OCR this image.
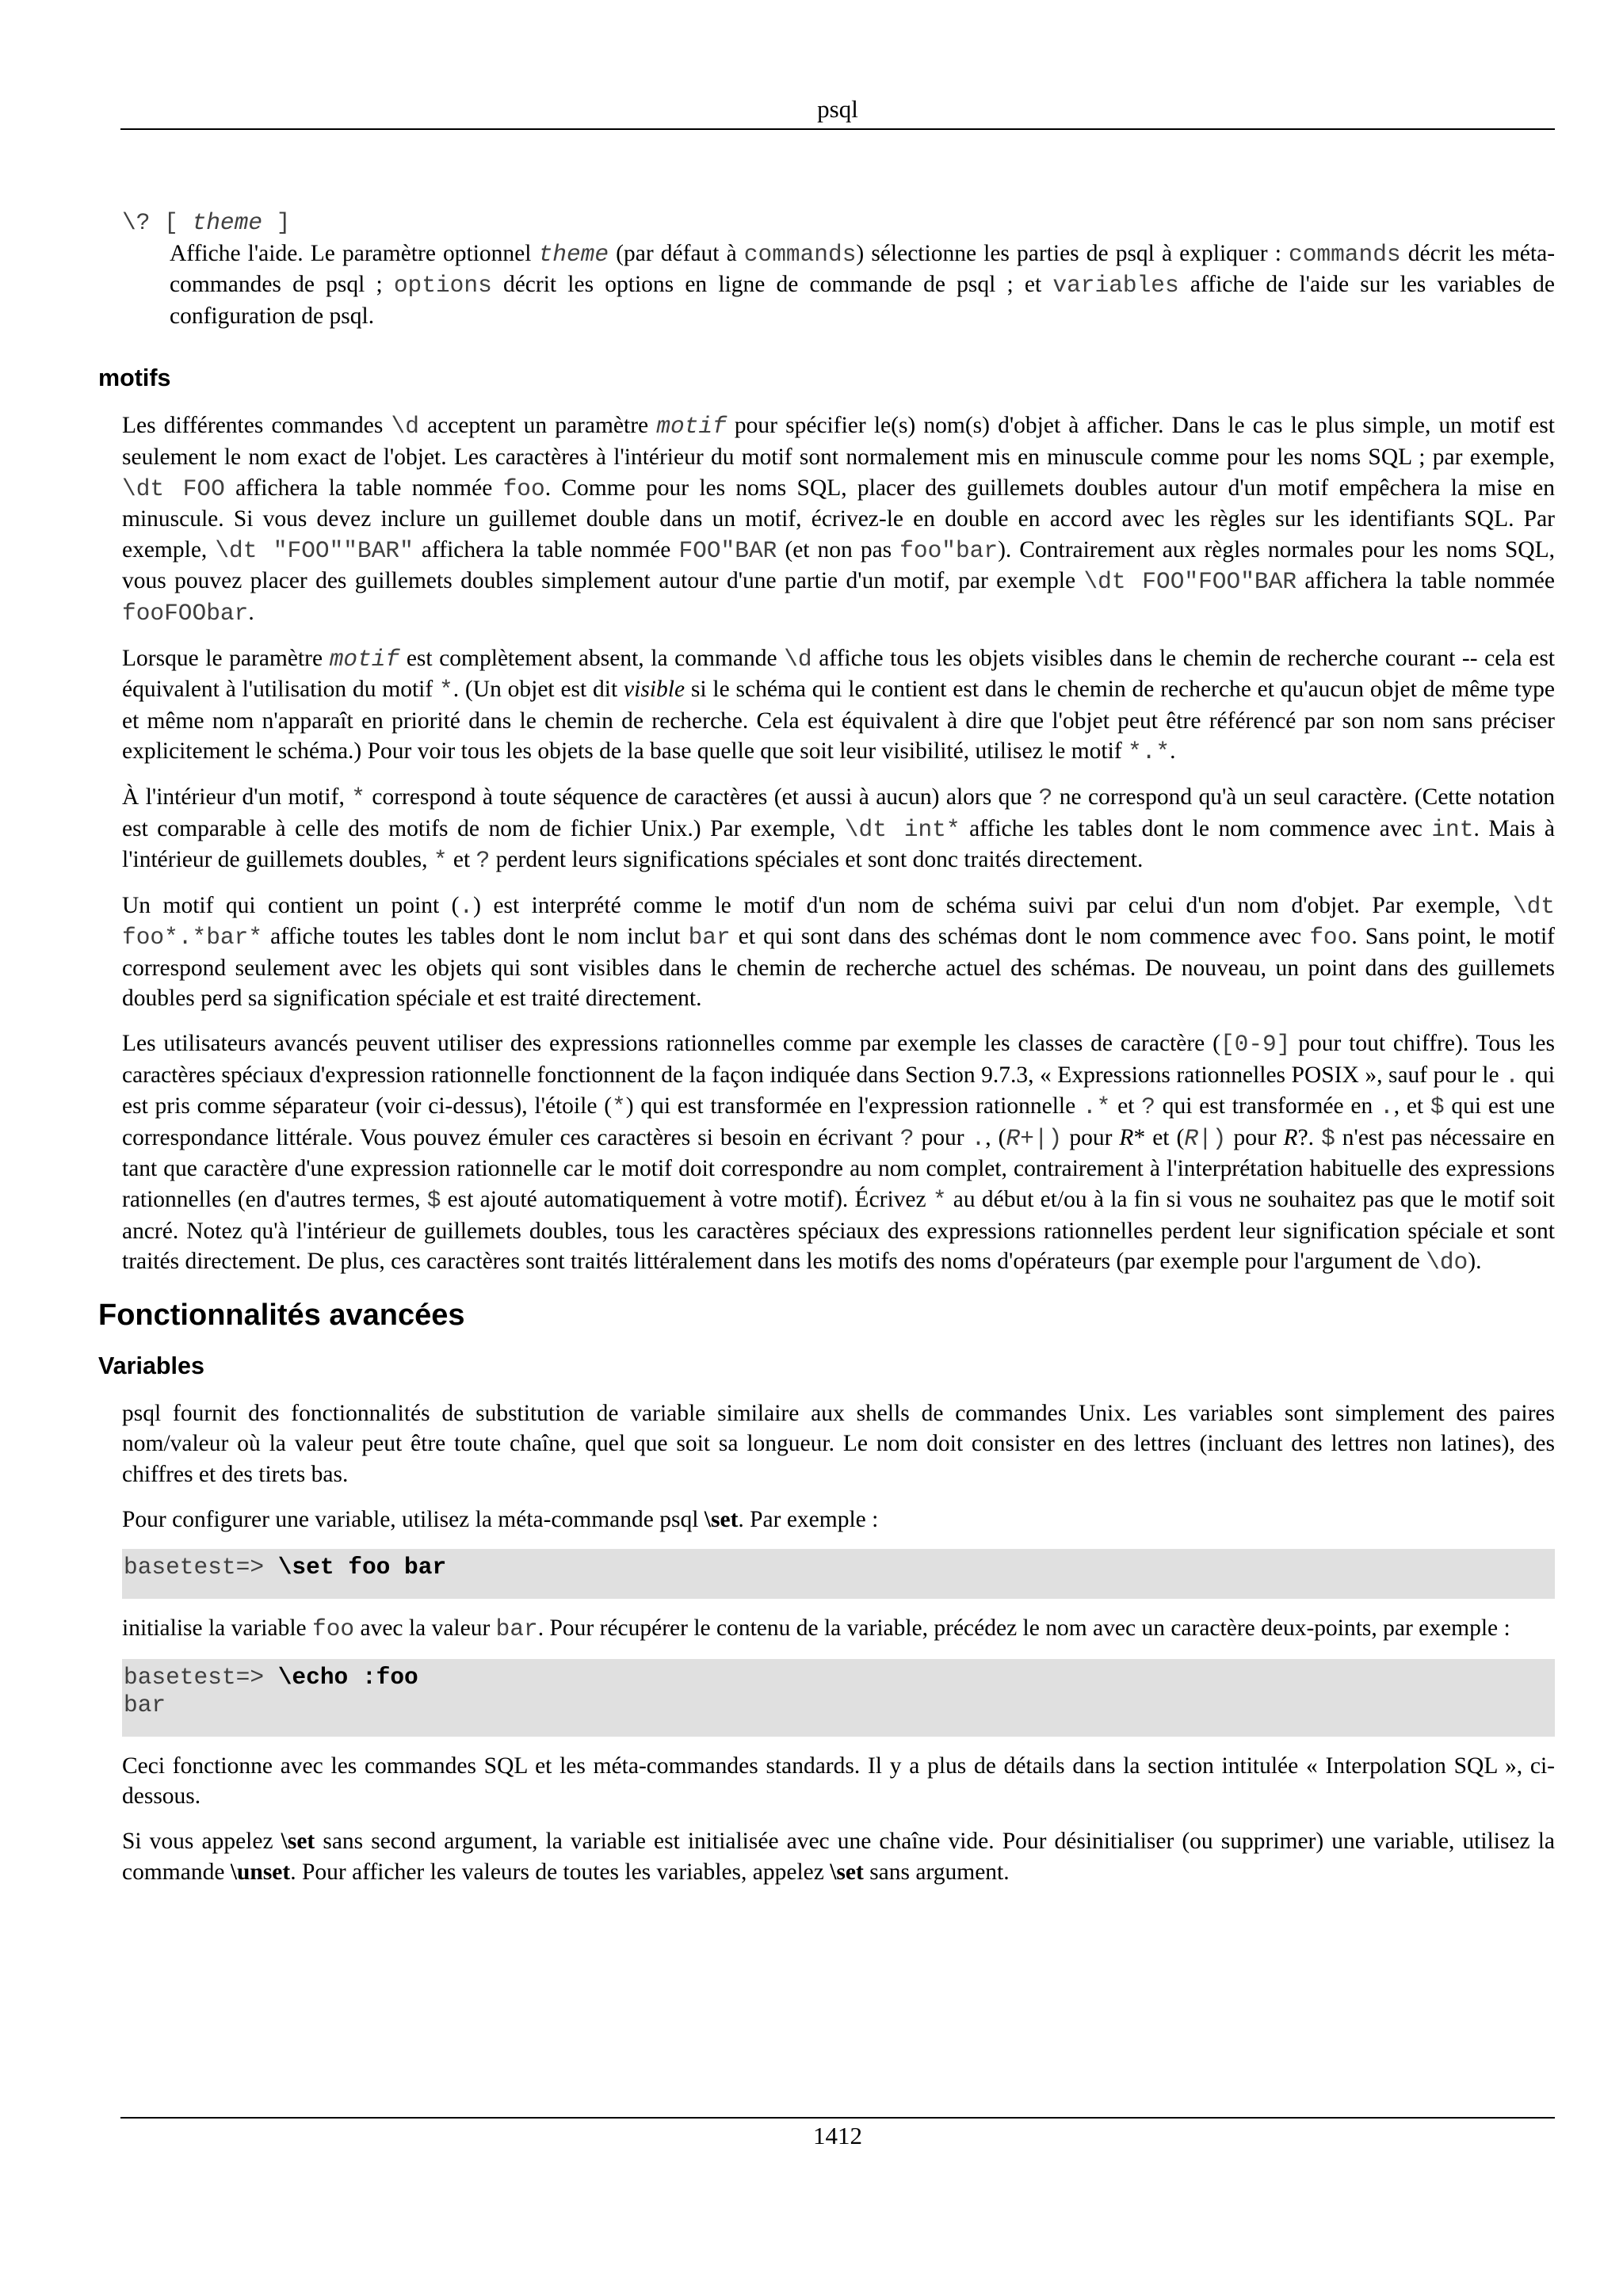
psql
\? [ theme ]
Affiche l'aide. Le paramètre optionnel theme (par défaut à commands) sélectionne les parties de psql à expliquer : commands décrit les méta-commandes de psql ; options décrit les options en ligne de commande de psql ; et variables affiche de l'aide sur les variables de configuration de psql.
motifs

Les différentes commandes \d acceptent un paramètre motif pour spécifier le(s) nom(s) d'objet à afficher. Dans le cas le plus simple, un motif est seulement le nom exact de l'objet. Les caractères à l'intérieur du motif sont normalement mis en minuscule comme pour les noms SQL ; par exemple, \dt FOO affichera la table nommée foo. Comme pour les noms SQL, placer des guillemets doubles autour d'un motif empêchera la mise en minuscule. Si vous devez inclure un guillemet double dans un motif, écrivez-le en double en accord avec les règles sur les identifiants SQL. Par exemple, \dt "FOO""BAR" affichera la table nommée FOO"BAR (et non pas foo"bar). Contrairement aux règles normales pour les noms SQL, vous pouvez placer des guillemets doubles simplement autour d'une partie d'un motif, par exemple \dt FOO"FOO"BAR affichera la table nommée fooFOObar.

Lorsque le paramètre motif est complètement absent, la commande \d affiche tous les objets visibles dans le chemin de recherche courant -- cela est équivalent à l'utilisation du motif *. (Un objet est dit visible si le schéma qui le contient est dans le chemin de recherche et qu'aucun objet de même type et même nom n'apparaît en priorité dans le chemin de recherche. Cela est équivalent à dire que l'objet peut être référencé par son nom sans préciser explicitement le schéma.) Pour voir tous les objets de la base quelle que soit leur visibilité, utilisez le motif *.*.

À l'intérieur d'un motif, * correspond à toute séquence de caractères (et aussi à aucun) alors que ? ne correspond qu'à un seul caractère. (Cette notation est comparable à celle des motifs de nom de fichier Unix.) Par exemple, \dt int* affiche les tables dont le nom commence avec int. Mais à l'intérieur de guillemets doubles, * et ? perdent leurs significations spéciales et sont donc traités directement.

Un motif qui contient un point (.) est interprété comme le motif d'un nom de schéma suivi par celui d'un nom d'objet. Par exemple, \dt foo*.*bar* affiche toutes les tables dont le nom inclut bar et qui sont dans des schémas dont le nom commence avec foo. Sans point, le motif correspond seulement avec les objets qui sont visibles dans le chemin de recherche actuel des schémas. De nouveau, un point dans des guillemets doubles perd sa signification spéciale et est traité directement.

Les utilisateurs avancés peuvent utiliser des expressions rationnelles comme par exemple les classes de caractère ([0-9] pour tout chiffre). Tous les caractères spéciaux d'expression rationnelle fonctionnent de la façon indiquée dans Section 9.7.3, « Expressions rationnelles POSIX », sauf pour le . qui est pris comme séparateur (voir ci-dessus), l'étoile (*) qui est transformée en l'expression rationnelle .* et ? qui est transformée en ., et $ qui est une correspondance littérale. Vous pouvez émuler ces caractères si besoin en écrivant ? pour ., (R+|) pour R* et (R|) pour R?. $ n'est pas nécessaire en tant que caractère d'une expression rationnelle car le motif doit correspondre au nom complet, contrairement à l'interprétation habituelle des expressions rationnelles (en d'autres termes, $ est ajouté automatiquement à votre motif). Écrivez * au début et/ou à la fin si vous ne souhaitez pas que le motif soit ancré. Notez qu'à l'intérieur de guillemets doubles, tous les caractères spéciaux des expressions rationnelles perdent leur signification spéciale et sont traités directement. De plus, ces caractères sont traités littéralement dans les motifs des noms d'opérateurs (par exemple pour l'argument de \do).

Fonctionnalités avancées
Variables

psql fournit des fonctionnalités de substitution de variable similaire aux shells de commandes Unix. Les variables sont simplement des paires nom/valeur où la valeur peut être toute chaîne, quel que soit sa longueur. Le nom doit consister en des lettres (incluant des lettres non latines), des chiffres et des tirets bas.

Pour configurer une variable, utilisez la méta-commande psql \set. Par exemple :

basetest=> \set foo bar

initialise la variable foo avec la valeur bar. Pour récupérer le contenu de la variable, précédez le nom avec un caractère deux-points, par exemple :

basetest=> \echo :foo
bar

Ceci fonctionne avec les commandes SQL et les méta-commandes standards. Il y a plus de détails dans la section intitulée « Interpolation SQL », ci-dessous.

Si vous appelez \set sans second argument, la variable est initialisée avec une chaîne vide. Pour désinitialiser (ou supprimer) une variable, utilisez la commande \unset. Pour afficher les valeurs de toutes les variables, appelez \set sans argument.

1412
